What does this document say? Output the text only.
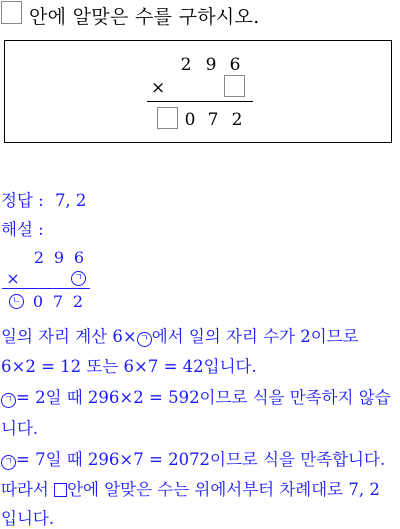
안에 알맞은 수를 구하시오.
2 9 6
×
0 7 2
정답 : 7, 2
해설 :
2 9 6
×	ㄱ
ㄴ 0 7 2
일의 자리 계산 6× ㄱ 에서 일의 자리 수가 2이므로
6×2 = 12 또는 6×7 = 42입니다.
ㄱ = 2일 때 296×2 = 592이므로 식을 만족하지 않습
니다.
ㄱ = 7일 때 296×7 = 2072이므로 식을 만족합니다.
따라서 안에 알맞은 수는 위에서부터 차례대로 7, 2
입니다.
